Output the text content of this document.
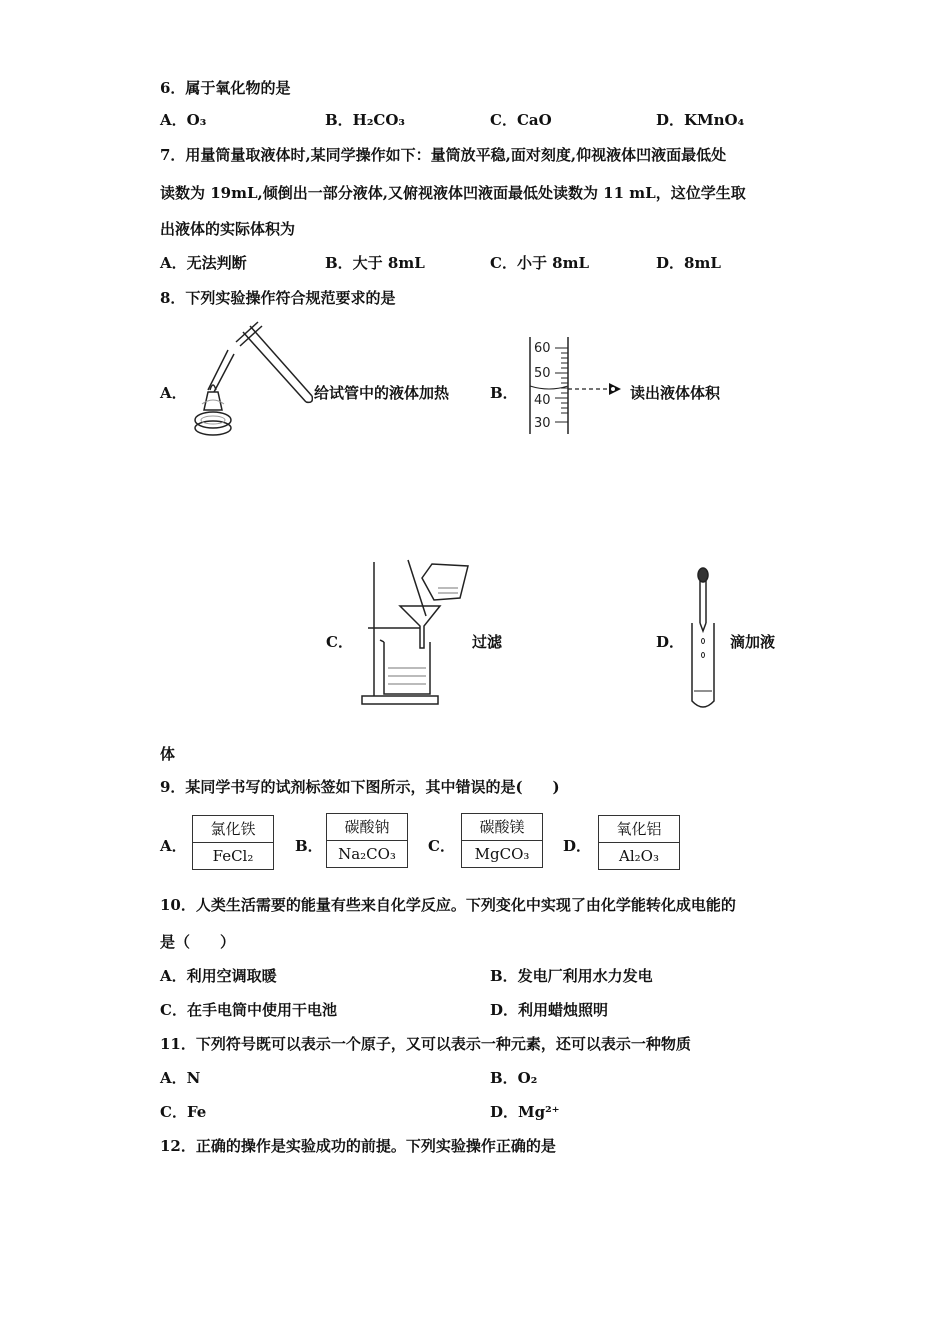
6．属于氧化物的是
A．O₃	B．H₂CO₃	C．CaO	D．KMnO₄
7．用量筒量取液体时,某同学操作如下：量筒放平稳,面对刻度,仰视液体凹液面最低处
读数为 19mL,倾倒出一部分液体,又俯视液体凹液面最低处读数为 11 mL，这位学生取
出液体的实际体积为
A．无法判断	B．大于 8mL	C．小于 8mL	D．8mL
8．下列实验操作符合规范要求的是
A．	给试管中的液体加热	B．
60
50
40
30
读出液体体积
C．	过滤	D．	滴加液
体
9．某同学书写的试剂标签如下图所示，其中错误的是(　　)
A．
氯化铁
FeCl₂
B．
碳酸钠
Na₂CO₃	C．
碳酸镁
MgCO₃	D．
氧化铝
Al₂O₃
10．人类生活需要的能量有些来自化学反应。下列变化中实现了由化学能转化成电能的
是（　　）
A．利用空调取暖	B．发电厂利用水力发电
C．在手电筒中使用干电池	D．利用蜡烛照明
11．下列符号既可以表示一个原子，又可以表示一种元素，还可以表示一种物质
A．N	B．O₂
C．Fe	D．Mg²⁺
12．正确的操作是实验成功的前提。下列实验操作正确的是
